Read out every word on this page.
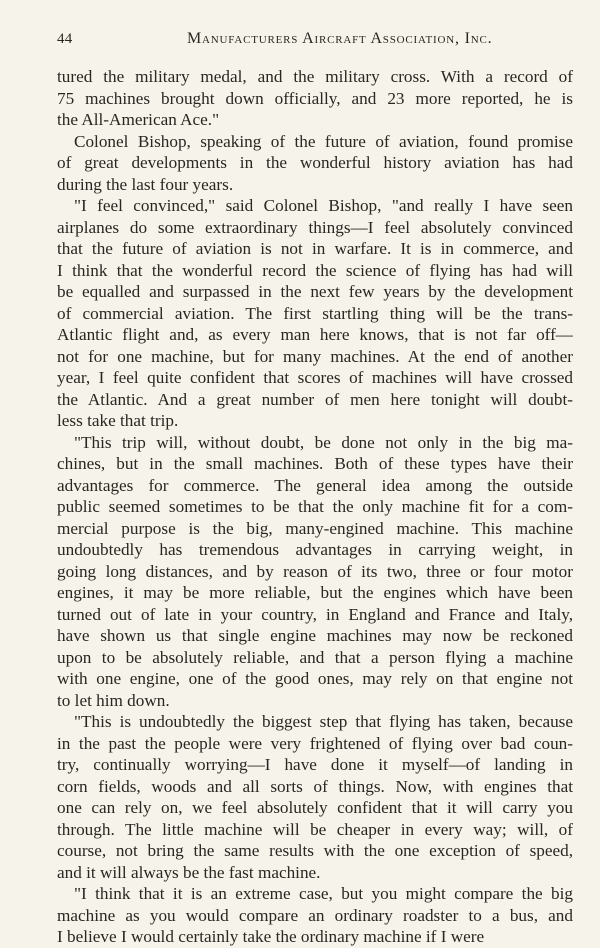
44	Manufacturers Aircraft Association, Inc.
tured the military medal, and the military cross. With a record of
75 machines brought down officially, and 23 more reported, he is
the All-American Ace."
Colonel Bishop, speaking of the future of aviation, found promise
of great developments in the wonderful history aviation has had
during the last four years.
"I feel convinced," said Colonel Bishop, "and really I have seen
airplanes do some extraordinary things—I feel absolutely convinced
that the future of aviation is not in warfare. It is in commerce, and
I think that the wonderful record the science of flying has had will
be equalled and surpassed in the next few years by the development
of commercial aviation. The first startling thing will be the trans-
Atlantic flight and, as every man here knows, that is not far off—
not for one machine, but for many machines. At the end of another
year, I feel quite confident that scores of machines will have crossed
the Atlantic. And a great number of men here tonight will doubt-
less take that trip.
"This trip will, without doubt, be done not only in the big ma-
chines, but in the small machines. Both of these types have their
advantages for commerce. The general idea among the outside
public seemed sometimes to be that the only machine fit for a com-
mercial purpose is the big, many-engined machine. This machine
undoubtedly has tremendous advantages in carrying weight, in
going long distances, and by reason of its two, three or four motor
engines, it may be more reliable, but the engines which have been
turned out of late in your country, in England and France and Italy,
have shown us that single engine machines may now be reckoned
upon to be absolutely reliable, and that a person flying a machine
with one engine, one of the good ones, may rely on that engine not
to let him down.
"This is undoubtedly the biggest step that flying has taken, because
in the past the people were very frightened of flying over bad coun-
try, continually worrying—I have done it myself—of landing in
corn fields, woods and all sorts of things. Now, with engines that
one can rely on, we feel absolutely confident that it will carry you
through. The little machine will be cheaper in every way; will, of
course, not bring the same results with the one exception of speed,
and it will always be the fast machine.
"I think that it is an extreme case, but you might compare the big
machine as you would compare an ordinary roadster to a bus, and
I believe I would certainly take the ordinary machine if I were
